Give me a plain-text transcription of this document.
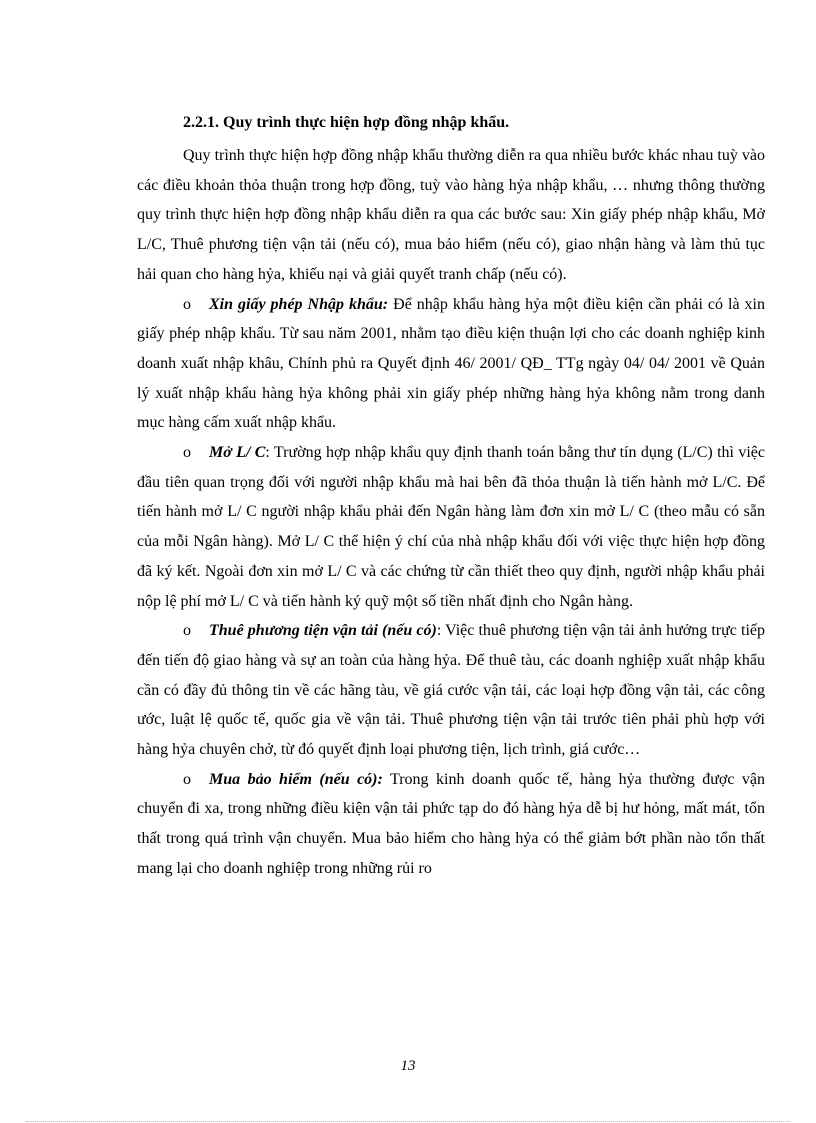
2.2.1. Quy trình thực hiện hợp đồng nhập khẩu.

Quy trình thực hiện hợp đồng nhập khẩu thường diễn ra qua nhiều bước khác nhau tuỳ vào các điều khoản thỏa thuận trong hợp đồng, tuỳ vào hàng hỷa nhập khẩu, … nhưng thông thường quy trình thực hiện hợp đồng nhập khẩu diễn ra qua các bước sau: Xin giấy phép nhập khẩu, Mở L/C, Thuê phương tiện vận tải (nếu có), mua bảo hiểm (nếu có), giao nhận hàng và làm thủ tục hải quan cho hàng hỷa, khiếu nại và giải quyết tranh chấp (nếu có).

o Xin giấy phép Nhập khẩu: Để nhập khẩu hàng hỷa một điều kiện cần phải có là xin giấy phép nhập khẩu. Từ sau năm 2001, nhằm tạo điều kiện thuận lợi cho các doanh nghiệp kinh doanh xuất nhập khâu, Chính phủ ra Quyết định 46/ 2001/ QĐ_ TTg ngày 04/ 04/ 2001 về Quản lý xuất nhập khẩu hàng hỷa không phải xin giấy phép những hàng hỷa không nằm trong danh mục hàng cấm xuất nhập khẩu.

o Mở L/ C: Trường hợp nhập khẩu quy định thanh toán bằng thư tín dụng (L/C) thì việc đầu tiên quan trọng đối với người nhập khẩu mà hai bên đã thỏa thuận là tiến hành mở L/C. Để tiến hành mở L/ C người nhập khẩu phải đến Ngân hàng làm đơn xin mở L/ C (theo mẫu có sẵn của mỗi Ngân hàng). Mở L/ C thể hiện ý chí của nhà nhập khẩu đối với việc thực hiện hợp đồng đã ký kết. Ngoài đơn xin mở L/ C và các chứng từ cần thiết theo quy định, người nhập khẩu phải nộp lệ phí mở L/ C và tiến hành ký quỹ một số tiền nhất định cho Ngân hàng.

o Thuê phương tiện vận tải (nếu có): Việc thuê phương tiện vận tải ảnh hưởng trực tiếp đến tiến độ giao hàng và sự an toàn của hàng hỷa. Để thuê tàu, các doanh nghiệp xuất nhập khẩu cần có đầy đủ thông tin về các hãng tàu, về giá cước vận tải, các loại hợp đồng vận tải, các công ước, luật lệ quốc tế, quốc gia về vận tải. Thuê phương tiện vận tải trước tiên phải phù hợp với hàng hỷa chuyên chở, từ đó quyết định loại phương tiện, lịch trình, giá cước…

o Mua bảo hiểm (nếu có): Trong kinh doanh quốc tế, hàng hỷa thường được vận chuyển đi xa, trong những điều kiện vận tải phức tạp do đó hàng hỷa dễ bị hư hỏng, mất mát, tổn thất trong quá trình vận chuyển. Mua bảo hiểm cho hàng hỷa có thể giảm bớt phần nào tổn thất mang lại cho doanh nghiệp trong những rủi ro

13
